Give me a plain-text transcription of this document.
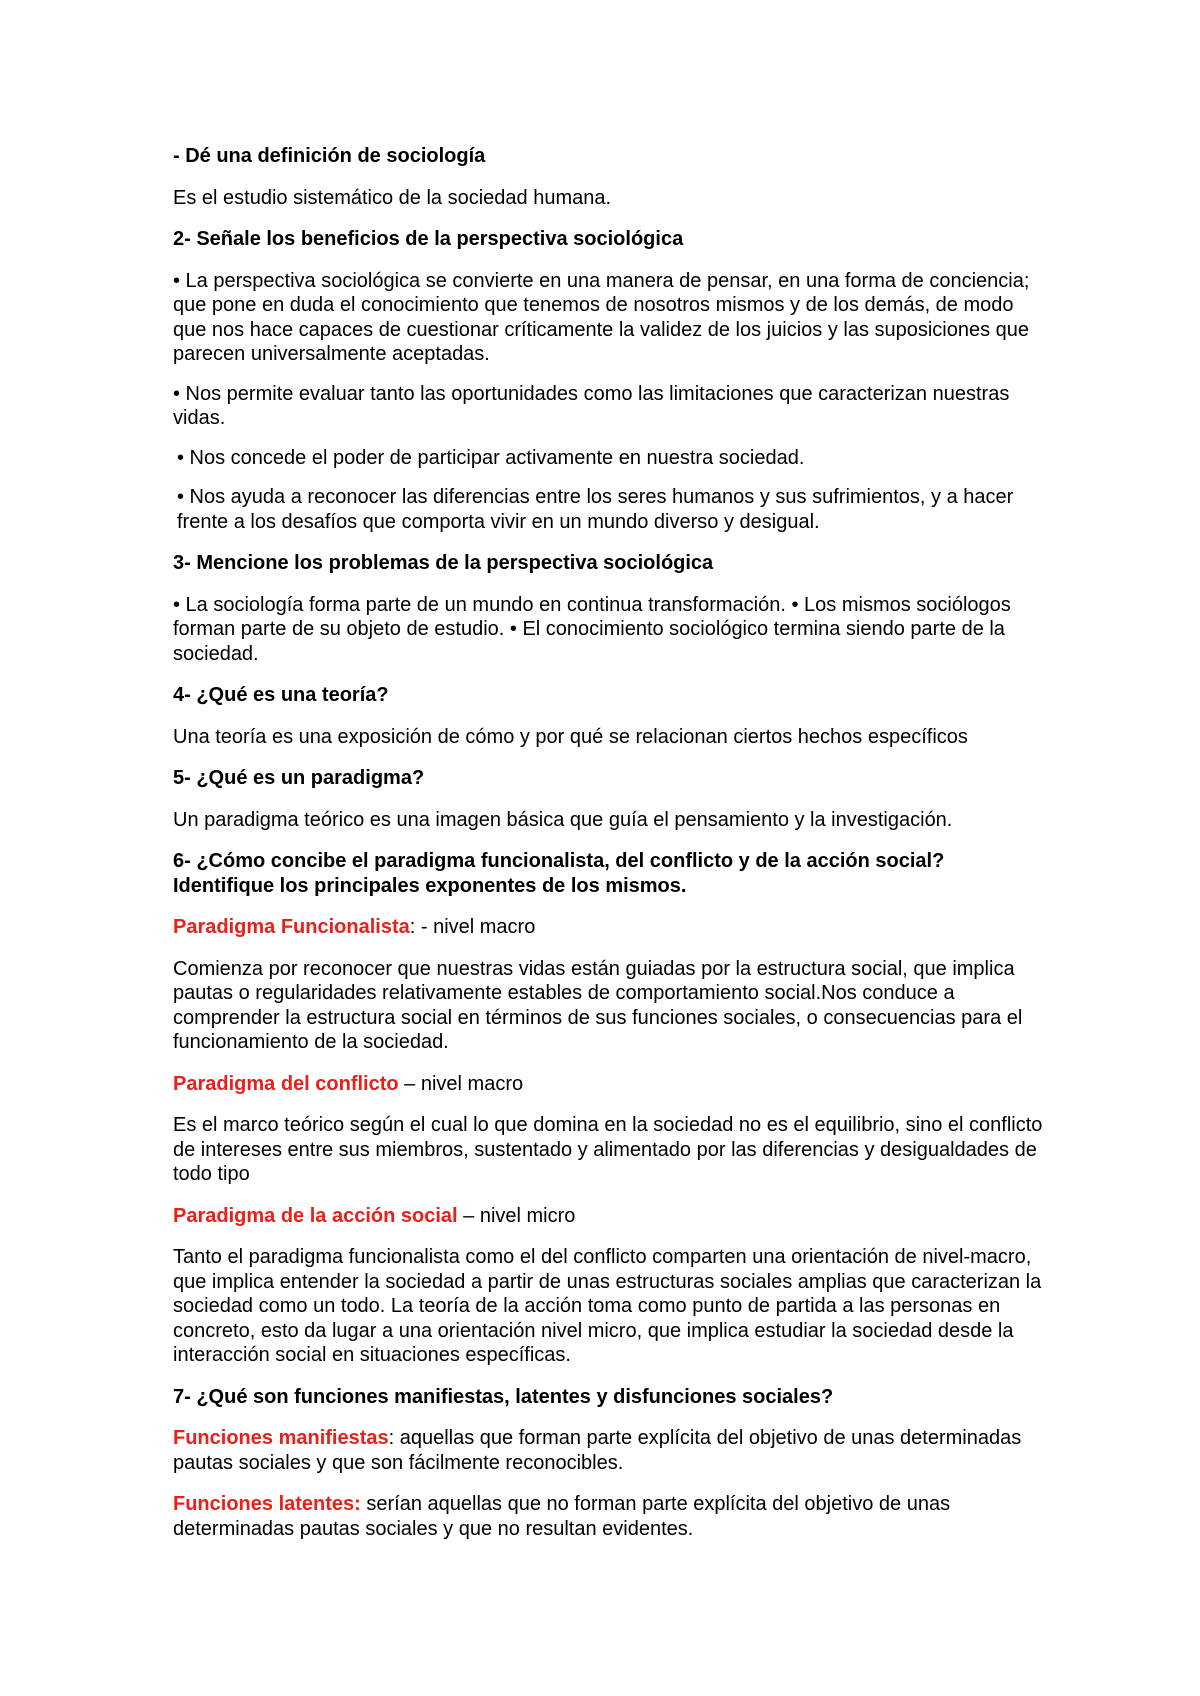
- Dé una definición de sociología

Es el estudio sistemático de la sociedad humana.

2- Señale los beneficios de la perspectiva sociológica

• La perspectiva sociológica se convierte en una manera de pensar, en una forma de conciencia; que pone en duda el conocimiento que tenemos de nosotros mismos y de los demás, de modo que nos hace capaces de cuestionar críticamente la validez de los juicios y las suposiciones que parecen universalmente aceptadas.

• Nos permite evaluar tanto las oportunidades como las limitaciones que caracterizan nuestras vidas.

• Nos concede el poder de participar activamente en nuestra sociedad.

• Nos ayuda a reconocer las diferencias entre los seres humanos y sus sufrimientos, y a hacer frente a los desafíos que comporta vivir en un mundo diverso y desigual.

3- Mencione los problemas de la perspectiva sociológica

• La sociología forma parte de un mundo en continua transformación. • Los mismos sociólogos forman parte de su objeto de estudio. • El conocimiento sociológico termina siendo parte de la sociedad.

4- ¿Qué es una teoría?

Una teoría es una exposición de cómo y por qué se relacionan ciertos hechos específicos

5- ¿Qué es un paradigma?

Un paradigma teórico es una imagen básica que guía el pensamiento y la investigación.

6- ¿Cómo concibe el paradigma funcionalista, del conflicto y de la acción social? Identifique los principales exponentes de los mismos.

Paradigma Funcionalista: - nivel macro

Comienza por reconocer que nuestras vidas están guiadas por la estructura social, que implica pautas o regularidades relativamente estables de comportamiento social.Nos conduce a comprender la estructura social en términos de sus funciones sociales, o consecuencias para el funcionamiento de la sociedad.

Paradigma del conflicto – nivel macro

Es el marco teórico según el cual lo que domina en la sociedad no es el equilibrio, sino el conflicto de intereses entre sus miembros, sustentado y alimentado por las diferencias y desigualdades de todo tipo

Paradigma de la acción social – nivel micro

Tanto el paradigma funcionalista como el del conflicto comparten una orientación de nivel-macro, que implica entender la sociedad a partir de unas estructuras sociales amplias que caracterizan la sociedad como un todo. La teoría de la acción toma como punto de partida a las personas en concreto, esto da lugar a una orientación nivel micro, que implica estudiar la sociedad desde la interacción social en situaciones específicas.

7- ¿Qué son funciones manifiestas, latentes y disfunciones sociales?

Funciones manifiestas: aquellas que forman parte explícita del objetivo de unas determinadas pautas sociales y que son fácilmente reconocibles.

Funciones latentes: serían aquellas que no forman parte explícita del objetivo de unas determinadas pautas sociales y que no resultan evidentes.
